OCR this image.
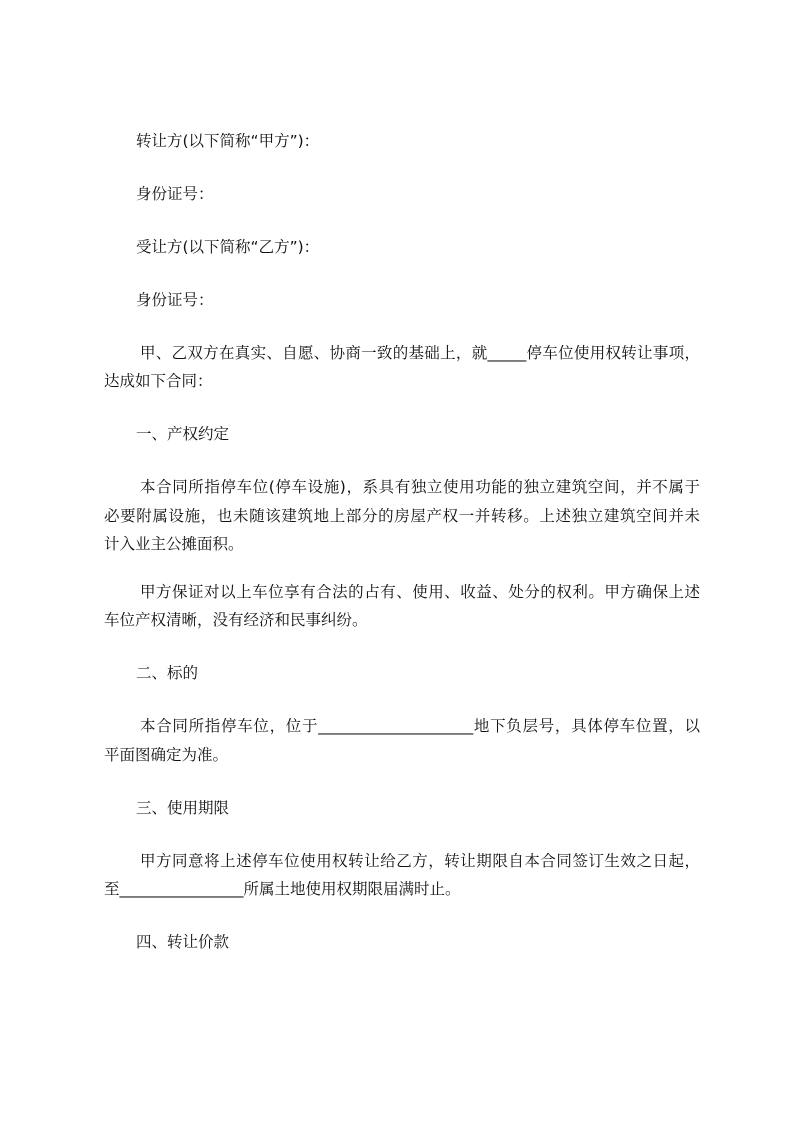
转让方(以下简称“甲方”)：
身份证号：
受让方(以下简称“乙方”)：
身份证号：
甲、乙双方在真实、自愿、协商一致的基础上，就_____停车位使用权转让事项，
达成如下合同：
一、产权约定
本合同所指停车位(停车设施)，系具有独立使用功能的独立建筑空间，并不属于
必要附属设施，也未随该建筑地上部分的房屋产权一并转移。上述独立建筑空间并未
计入业主公摊面积。
甲方保证对以上车位享有合法的占有、使用、收益、处分的权利。甲方确保上述
车位产权清晰，没有经济和民事纠纷。
二、标的
本合同所指停车位，位于____________________地下负层号，具体停车位置，以
平面图确定为准。
三、使用期限
甲方同意将上述停车位使用权转让给乙方，转让期限自本合同签订生效之日起，
至________________所属土地使用权期限届满时止。
四、转让价款
